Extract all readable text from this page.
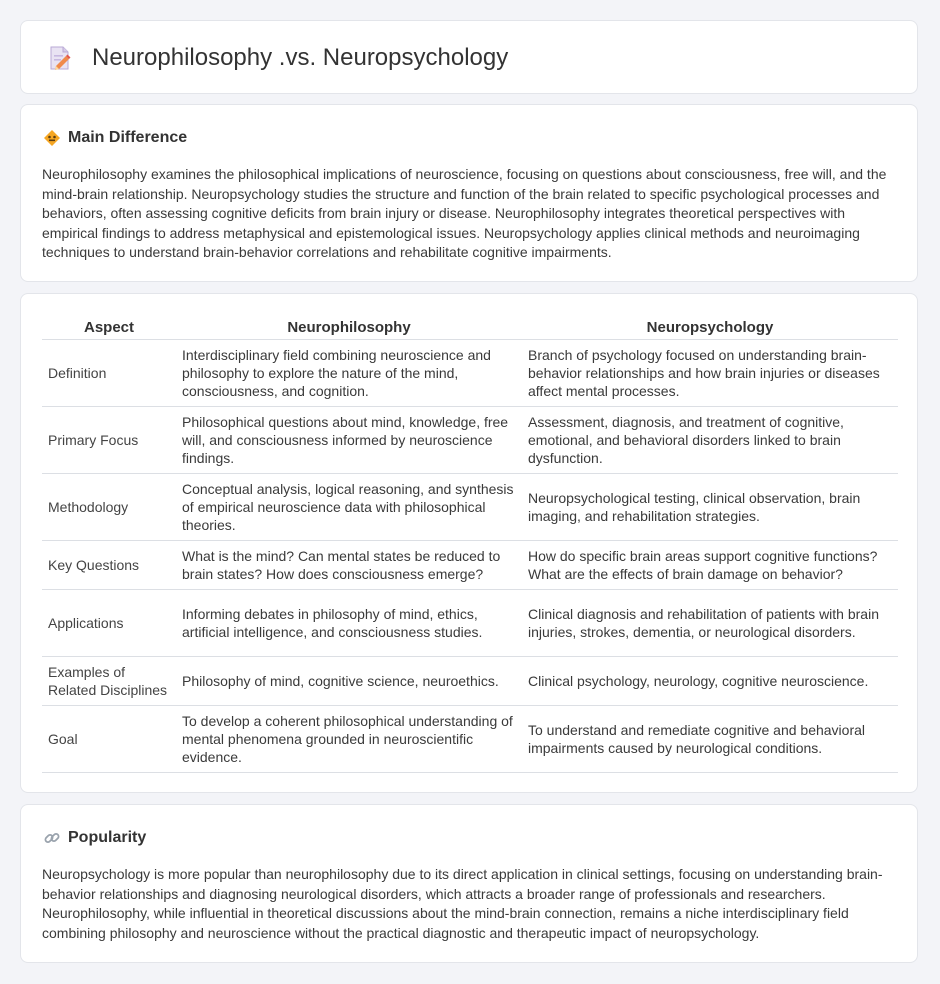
Neurophilosophy .vs. Neuropsychology
Main Difference

Neurophilosophy examines the philosophical implications of neuroscience, focusing on questions about consciousness, free will, and the mind-brain relationship. Neuropsychology studies the structure and function of the brain related to specific psychological processes and behaviors, often assessing cognitive deficits from brain injury or disease. Neurophilosophy integrates theoretical perspectives with empirical findings to address metaphysical and epistemological issues. Neuropsychology applies clinical methods and neuroimaging techniques to understand brain-behavior correlations and rehabilitate cognitive impairments.

Aspect	Neurophilosophy	Neuropsychology
Definition	Interdisciplinary field combining neuroscience and philosophy to explore the nature of the mind, consciousness, and cognition.	Branch of psychology focused on understanding brain-behavior relationships and how brain injuries or diseases affect mental processes.
Primary Focus	Philosophical questions about mind, knowledge, free will, and consciousness informed by neuroscience findings.	Assessment, diagnosis, and treatment of cognitive, emotional, and behavioral disorders linked to brain dysfunction.
Methodology	Conceptual analysis, logical reasoning, and synthesis of empirical neuroscience data with philosophical theories.	Neuropsychological testing, clinical observation, brain imaging, and rehabilitation strategies.
Key Questions	What is the mind? Can mental states be reduced to brain states? How does consciousness emerge?	How do specific brain areas support cognitive functions? What are the effects of brain damage on behavior?
Applications	Informing debates in philosophy of mind, ethics, artificial intelligence, and consciousness studies.	Clinical diagnosis and rehabilitation of patients with brain injuries, strokes, dementia, or neurological disorders.
Examples of Related Disciplines	Philosophy of mind, cognitive science, neuroethics.	Clinical psychology, neurology, cognitive neuroscience.
Goal	To develop a coherent philosophical understanding of mental phenomena grounded in neuroscientific evidence.	To understand and remediate cognitive and behavioral impairments caused by neurological conditions.
Popularity

Neuropsychology is more popular than neurophilosophy due to its direct application in clinical settings, focusing on understanding brain-behavior relationships and diagnosing neurological disorders, which attracts a broader range of professionals and researchers. Neurophilosophy, while influential in theoretical discussions about the mind-brain connection, remains a niche interdisciplinary field combining philosophy and neuroscience without the practical diagnostic and therapeutic impact of neuropsychology.
